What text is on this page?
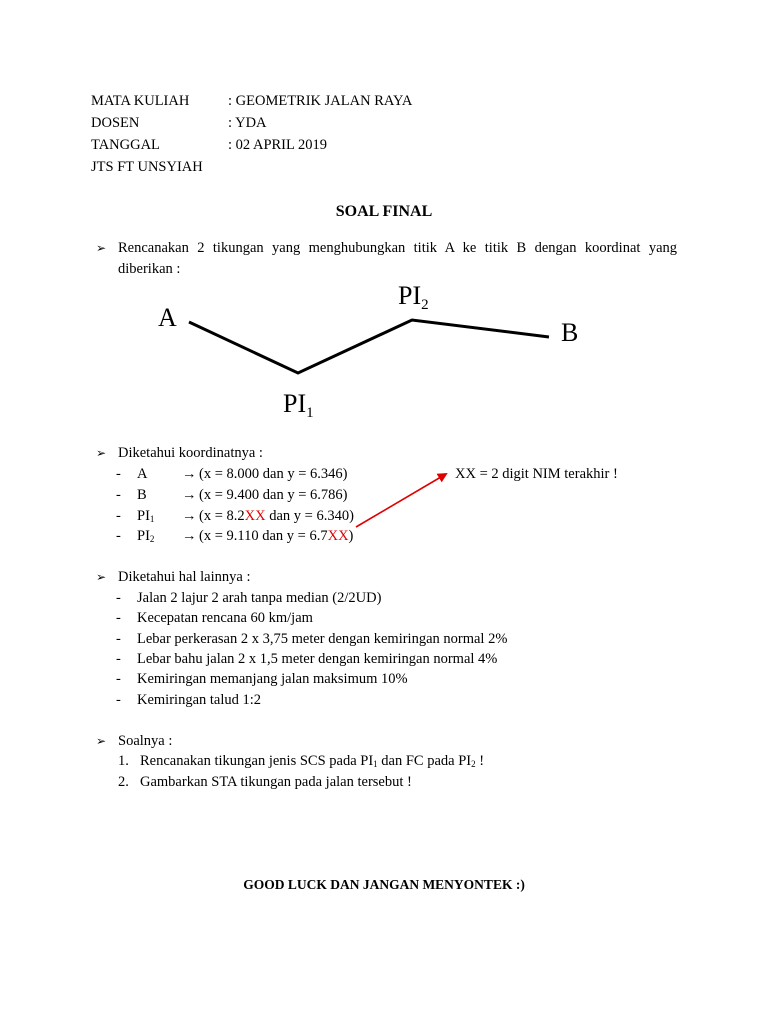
MATA KULIAH	: GEOMETRIK JALAN RAYA
DOSEN	: YDA
TANGGAL	: 02 APRIL 2019
JTS FT UNSYIAH
SOAL FINAL
➢ Rencanakan 2 tikungan yang menghubungkan titik A ke titik B dengan koordinat yang
diberikan :
A
B
$PI_2$
$PI_1$
➢ Diketahui koordinatnya :
- A → (x = 8.000 dan y = 6.346)
- B → (x = 9.400 dan y = 6.786)
- $PI_1 \to (x = 8.2XX$ dan y = 6.340)
- $PI_2 \to (x = 9.110$ dan y = 6.7XX)
XX = 2 digit NIM terakhir !
➢ Diketahui hal lainnya :
- Jalan 2 lajur 2 arah tanpa median (2/2UD)
- Kecepatan rencana 60 km/jam
- Lebar perkerasan 2 x 3,75 meter dengan kemiringan normal 2%
- Lebar bahu jalan 2 x 1,5 meter dengan kemiringan normal 4%
- Kemiringan memanjang jalan maksimum 10%
- Kemiringan talud 1:2
➢ Soalnya :
1. Rencanakan tikungan jenis SCS pada $PI_1$ dan FC pada $PI_2$ !
2. Gambarkan STA tikungan pada jalan tersebut !
GOOD LUCK DAN JANGAN MENYONTEK :)
